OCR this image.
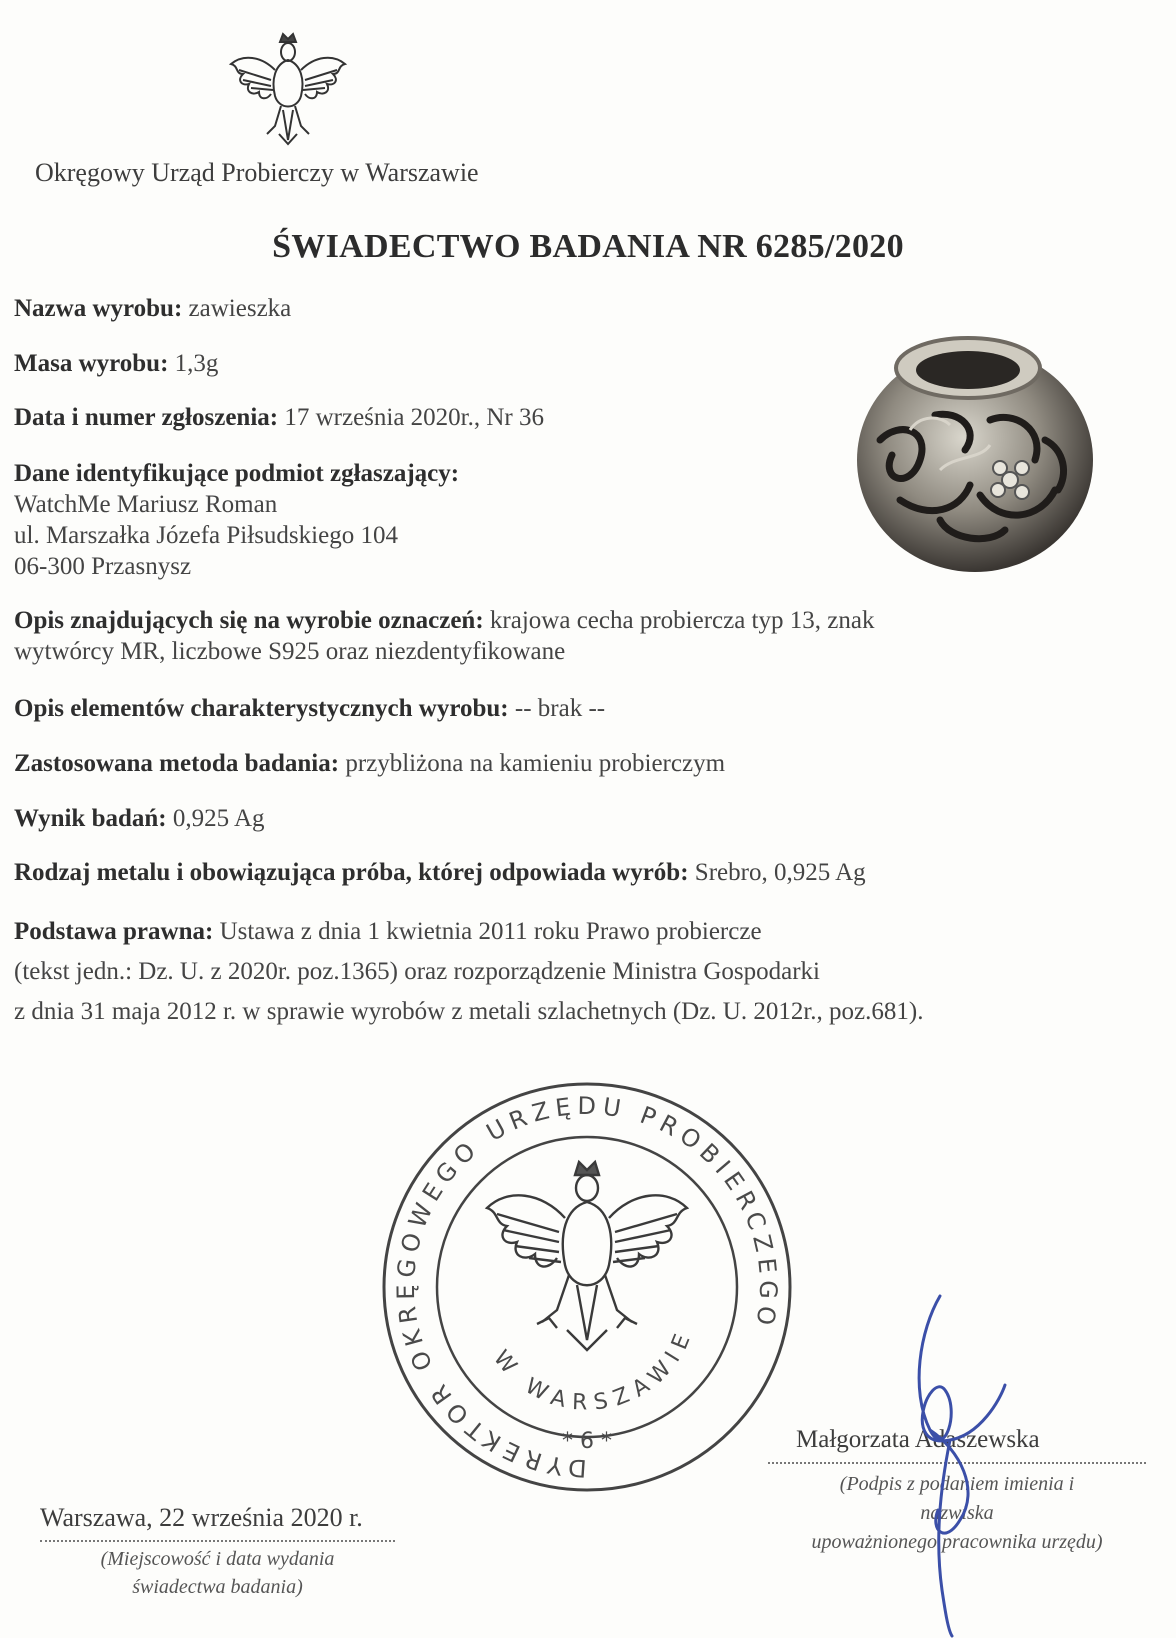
Okręgowy Urząd Probierczy w Warszawie
ŚWIADECTWO BADANIA NR 6285/2020
Nazwa wyrobu: zawieszka
Masa wyrobu: 1,3g
Data i numer zgłoszenia: 17 września 2020r., Nr 36
Dane identyfikujące podmiot zgłaszający:
WatchMe Mariusz Roman
ul. Marszałka Józefa Piłsudskiego 104
06-300 Przasnysz
Opis znajdujących się na wyrobie oznaczeń: krajowa cecha probiercza typ 13, znak
wytwórcy MR, liczbowe S925 oraz niezdentyfikowane
Opis elementów charakterystycznych wyrobu: -- brak --
Zastosowana metoda badania: przybliżona na kamieniu probierczym
Wynik badań: 0,925 Ag
Rodzaj metalu i obowiązująca próba, której odpowiada wyrób: Srebro, 0,925 Ag
Podstawa prawna: Ustawa z dnia 1 kwietnia 2011 roku Prawo probiercze
(tekst jedn.: Dz. U. z 2020r. poz.1365) oraz rozporządzenie Ministra Gospodarki
z dnia 31 maja 2012 r. w sprawie wyrobów z metali szlachetnych (Dz. U. 2012r., poz.681).
DYREKTOR OKRĘGOWEGO URZĘDU PROBIERCZEGO
W WARSZAWIE
* 6 *
Warszawa, 22 września 2020 r.
(Miejscowość i data wydania
świadectwa badania)
Małgorzata Adaszewska
(Podpis z podaniem imienia i
nazwiska
upoważnionego pracownika urzędu)
